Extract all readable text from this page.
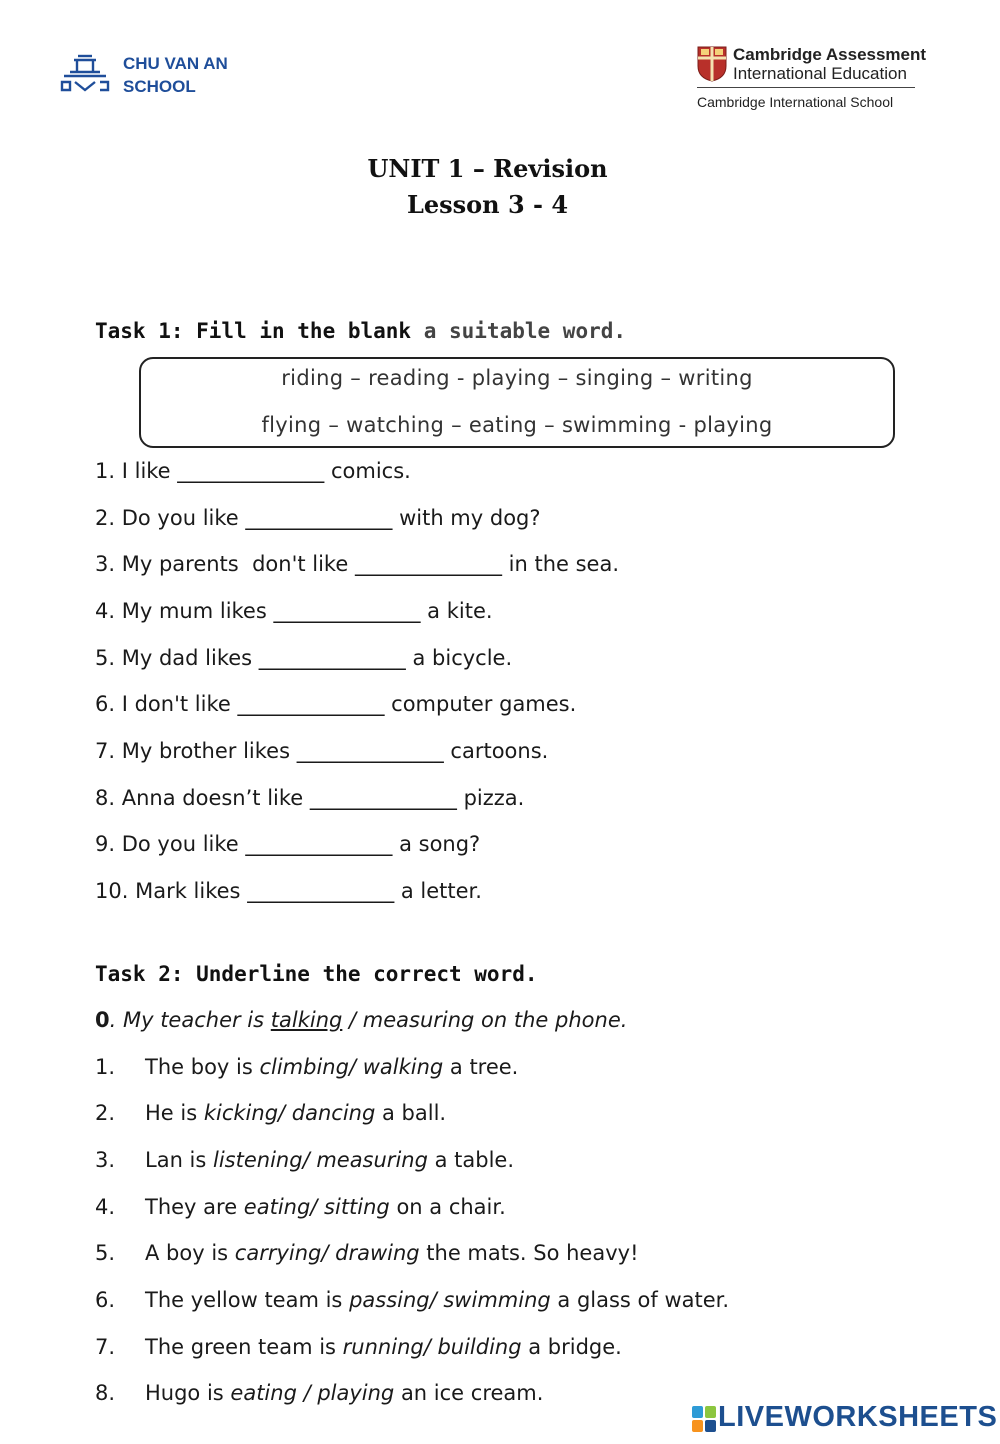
CHU VAN AN
SCHOOL
Cambridge Assessment
International Education
Cambridge International School
UNIT 1 – Revision
Lesson 3 - 4
Task 1: Fill in the blank a suitable word.
riding – reading - playing – singing – writing
flying – watching – eating – swimming - playing
1. I like ______________ comics.
2. Do you like ______________ with my dog?
3. My parents  don't like ______________ in the sea.
4. My mum likes ______________ a kite.
5. My dad likes ______________ a bicycle.
6. I don't like ______________ computer games.
7. My brother likes ______________ cartoons.
8. Anna doesn’t like ______________ pizza.
9. Do you like ______________ a song?
10. Mark likes ______________ a letter.
Task 2: Underline the correct word.
0. My teacher is talking / measuring on the phone.
1. The boy is climbing/ walking a tree.
2. He is kicking/ dancing a ball.
3. Lan is listening/ measuring a table.
4. They are eating/ sitting on a chair.
5. A boy is carrying/ drawing the mats. So heavy!
6. The yellow team is passing/ swimming a glass of water.
7. The green team is running/ building a bridge.
8. Hugo is eating / playing an ice cream.
LIVEWORKSHEETS
